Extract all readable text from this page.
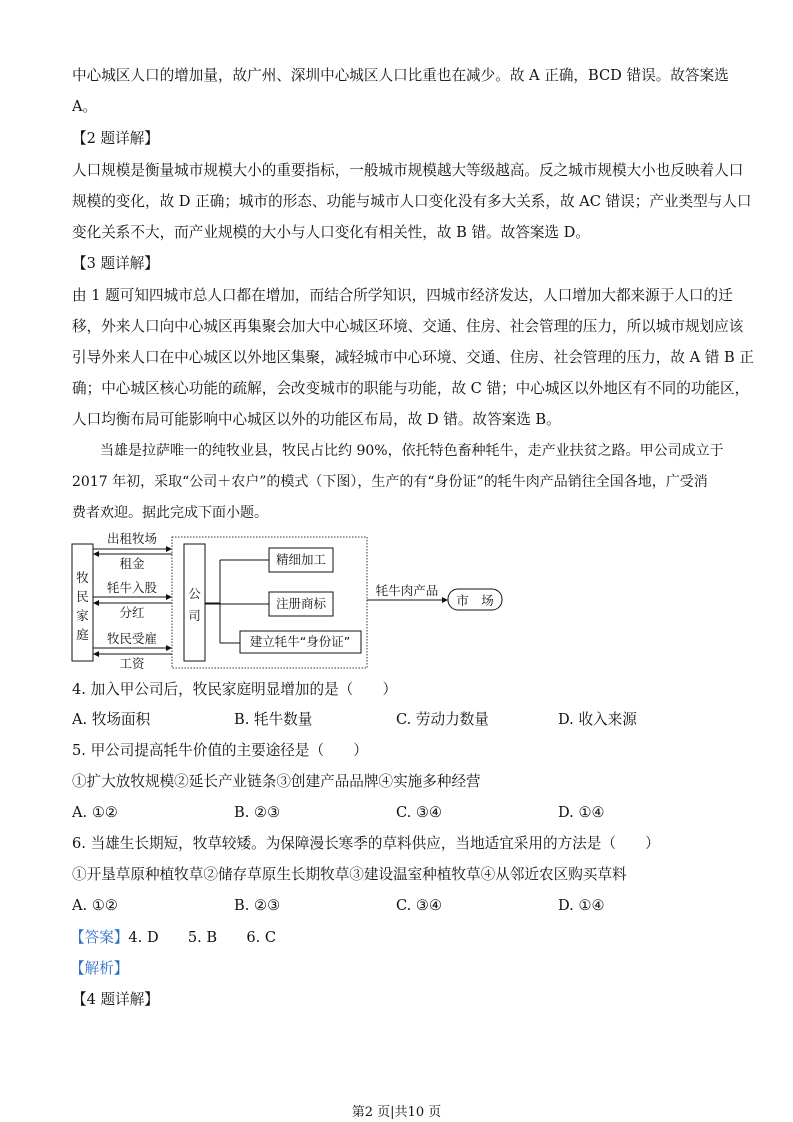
中心城区人口的增加量，故广州、深圳中心城区人口比重也在减少。故 A 正确，BCD 错误。故答案选
A。
【2 题详解】
人口规模是衡量城市规模大小的重要指标，一般城市规模越大等级越高。反之城市规模大小也反映着人口
规模的变化，故 D 正确；城市的形态、功能与城市人口变化没有多大关系，故 AC 错误；产业类型与人口
变化关系不大，而产业规模的大小与人口变化有相关性，故 B 错。故答案选 D。
【3 题详解】
由 1 题可知四城市总人口都在增加，而结合所学知识，四城市经济发达，人口增加大都来源于人口的迁
移，外来人口向中心城区再集聚会加大中心城区环境、交通、住房、社会管理的压力，所以城市规划应该
引导外来人口在中心城区以外地区集聚，减轻城市中心环境、交通、住房、社会管理的压力，故 A 错 B 正
确；中心城区核心功能的疏解，会改变城市的职能与功能，故 C 错；中心城区以外地区有不同的功能区，
人口均衡布局可能影响中心城区以外的功能区布局，故 D 错。故答案选 B。
当雄是拉萨唯一的纯牧业县，牧民占比约 90%，依托特色畜种牦牛，走产业扶贫之路。甲公司成立于
2017 年初，采取“公司＋农户”的模式（下图），生产的有“身份证”的牦牛肉产品销往全国各地，广受消
费者欢迎。据此完成下面小题。
牧
民
家
庭
公
司
出租牧场
租金
牦牛入股
分红
牧民受雇
工资
精细加工
注册商标
建立牦牛“身份证”
牦牛肉产品
市　场
4. 加入甲公司后，牧民家庭明显增加的是（　　）
A. 牧场面积	B. 牦牛数量	C. 劳动力数量	D. 收入来源
5. 甲公司提高牦牛价值的主要途径是（　　）
①扩大放牧规模②延长产业链条③创建产品品牌④实施多种经营
A. ①②	B. ②③	C. ③④	D. ①④
6. 当雄生长期短，牧草较矮。为保障漫长寒季的草料供应，当地适宜采用的方法是（　　）
①开垦草原种植牧草②储存草原生长期牧草③建设温室种植牧草④从邻近农区购买草料
A. ①②	B. ②③	C. ③④	D. ①④
【答案】4. D　　5. B　　6. C
【解析】
【4 题详解】
第2 页|共10 页
